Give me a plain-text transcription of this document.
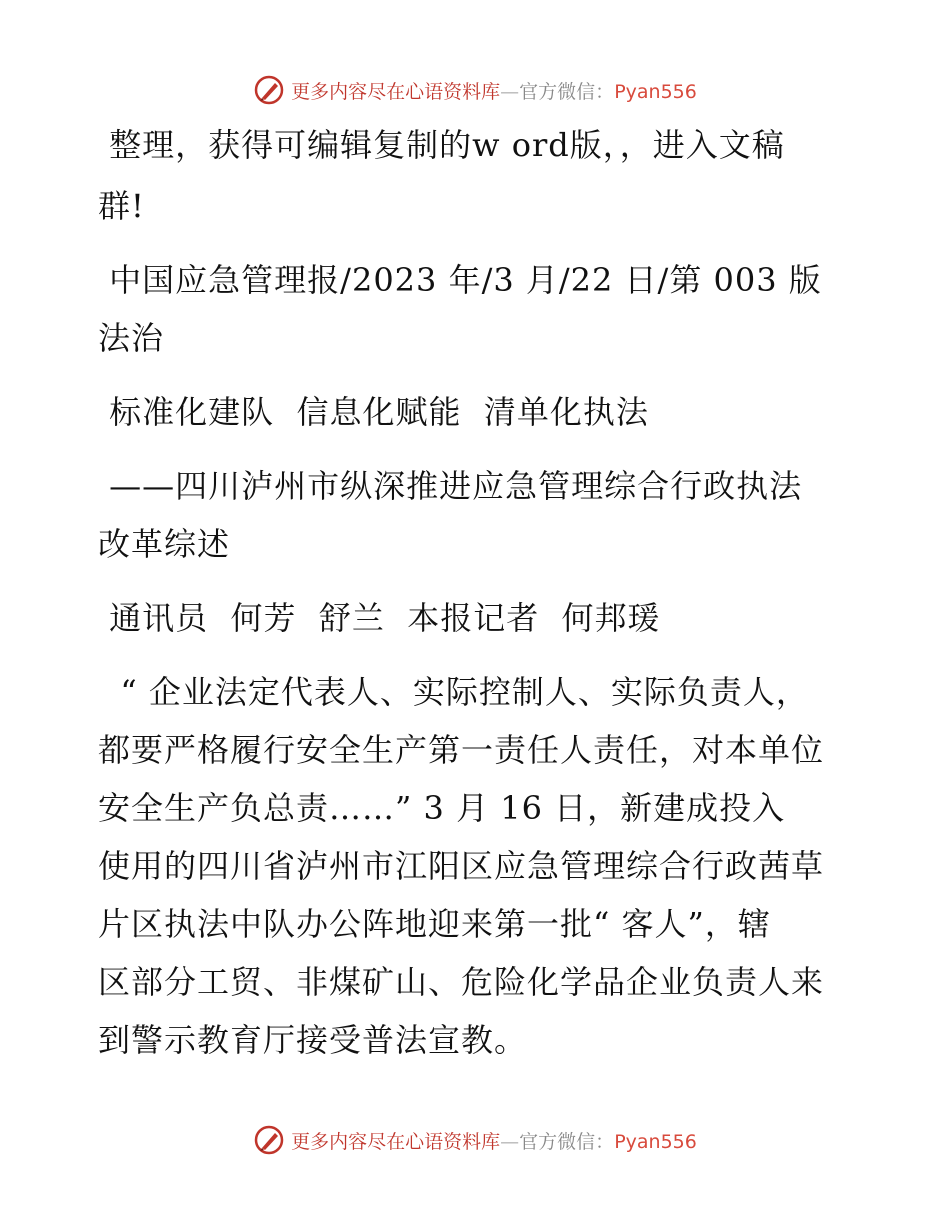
更多内容尽在心语资料库—官方微信：Pyan556
整理，获得可编辑复制的w ord版，，进入文稿
群!
中国应急管理报/2023 年/3 月/22 日/第 003 版
法治
标准化建队  信息化赋能  清单化执法
——四川泸州市纵深推进应急管理综合行政执法
改革综述
通讯员  何芳  舒兰  本报记者  何邦瑗
“ 企业法定代表人、实际控制人、实际负责人，
都要严格履行安全生产第一责任人责任，对本单位
安全生产负总责……” 3 月 16 日，新建成投入
使用的四川省泸州市江阳区应急管理综合行政茜草
片区执法中队办公阵地迎来第一批“ 客人”，辖
区部分工贸、非煤矿山、危险化学品企业负责人来
到警示教育厅接受普法宣教。
更多内容尽在心语资料库—官方微信：Pyan556
